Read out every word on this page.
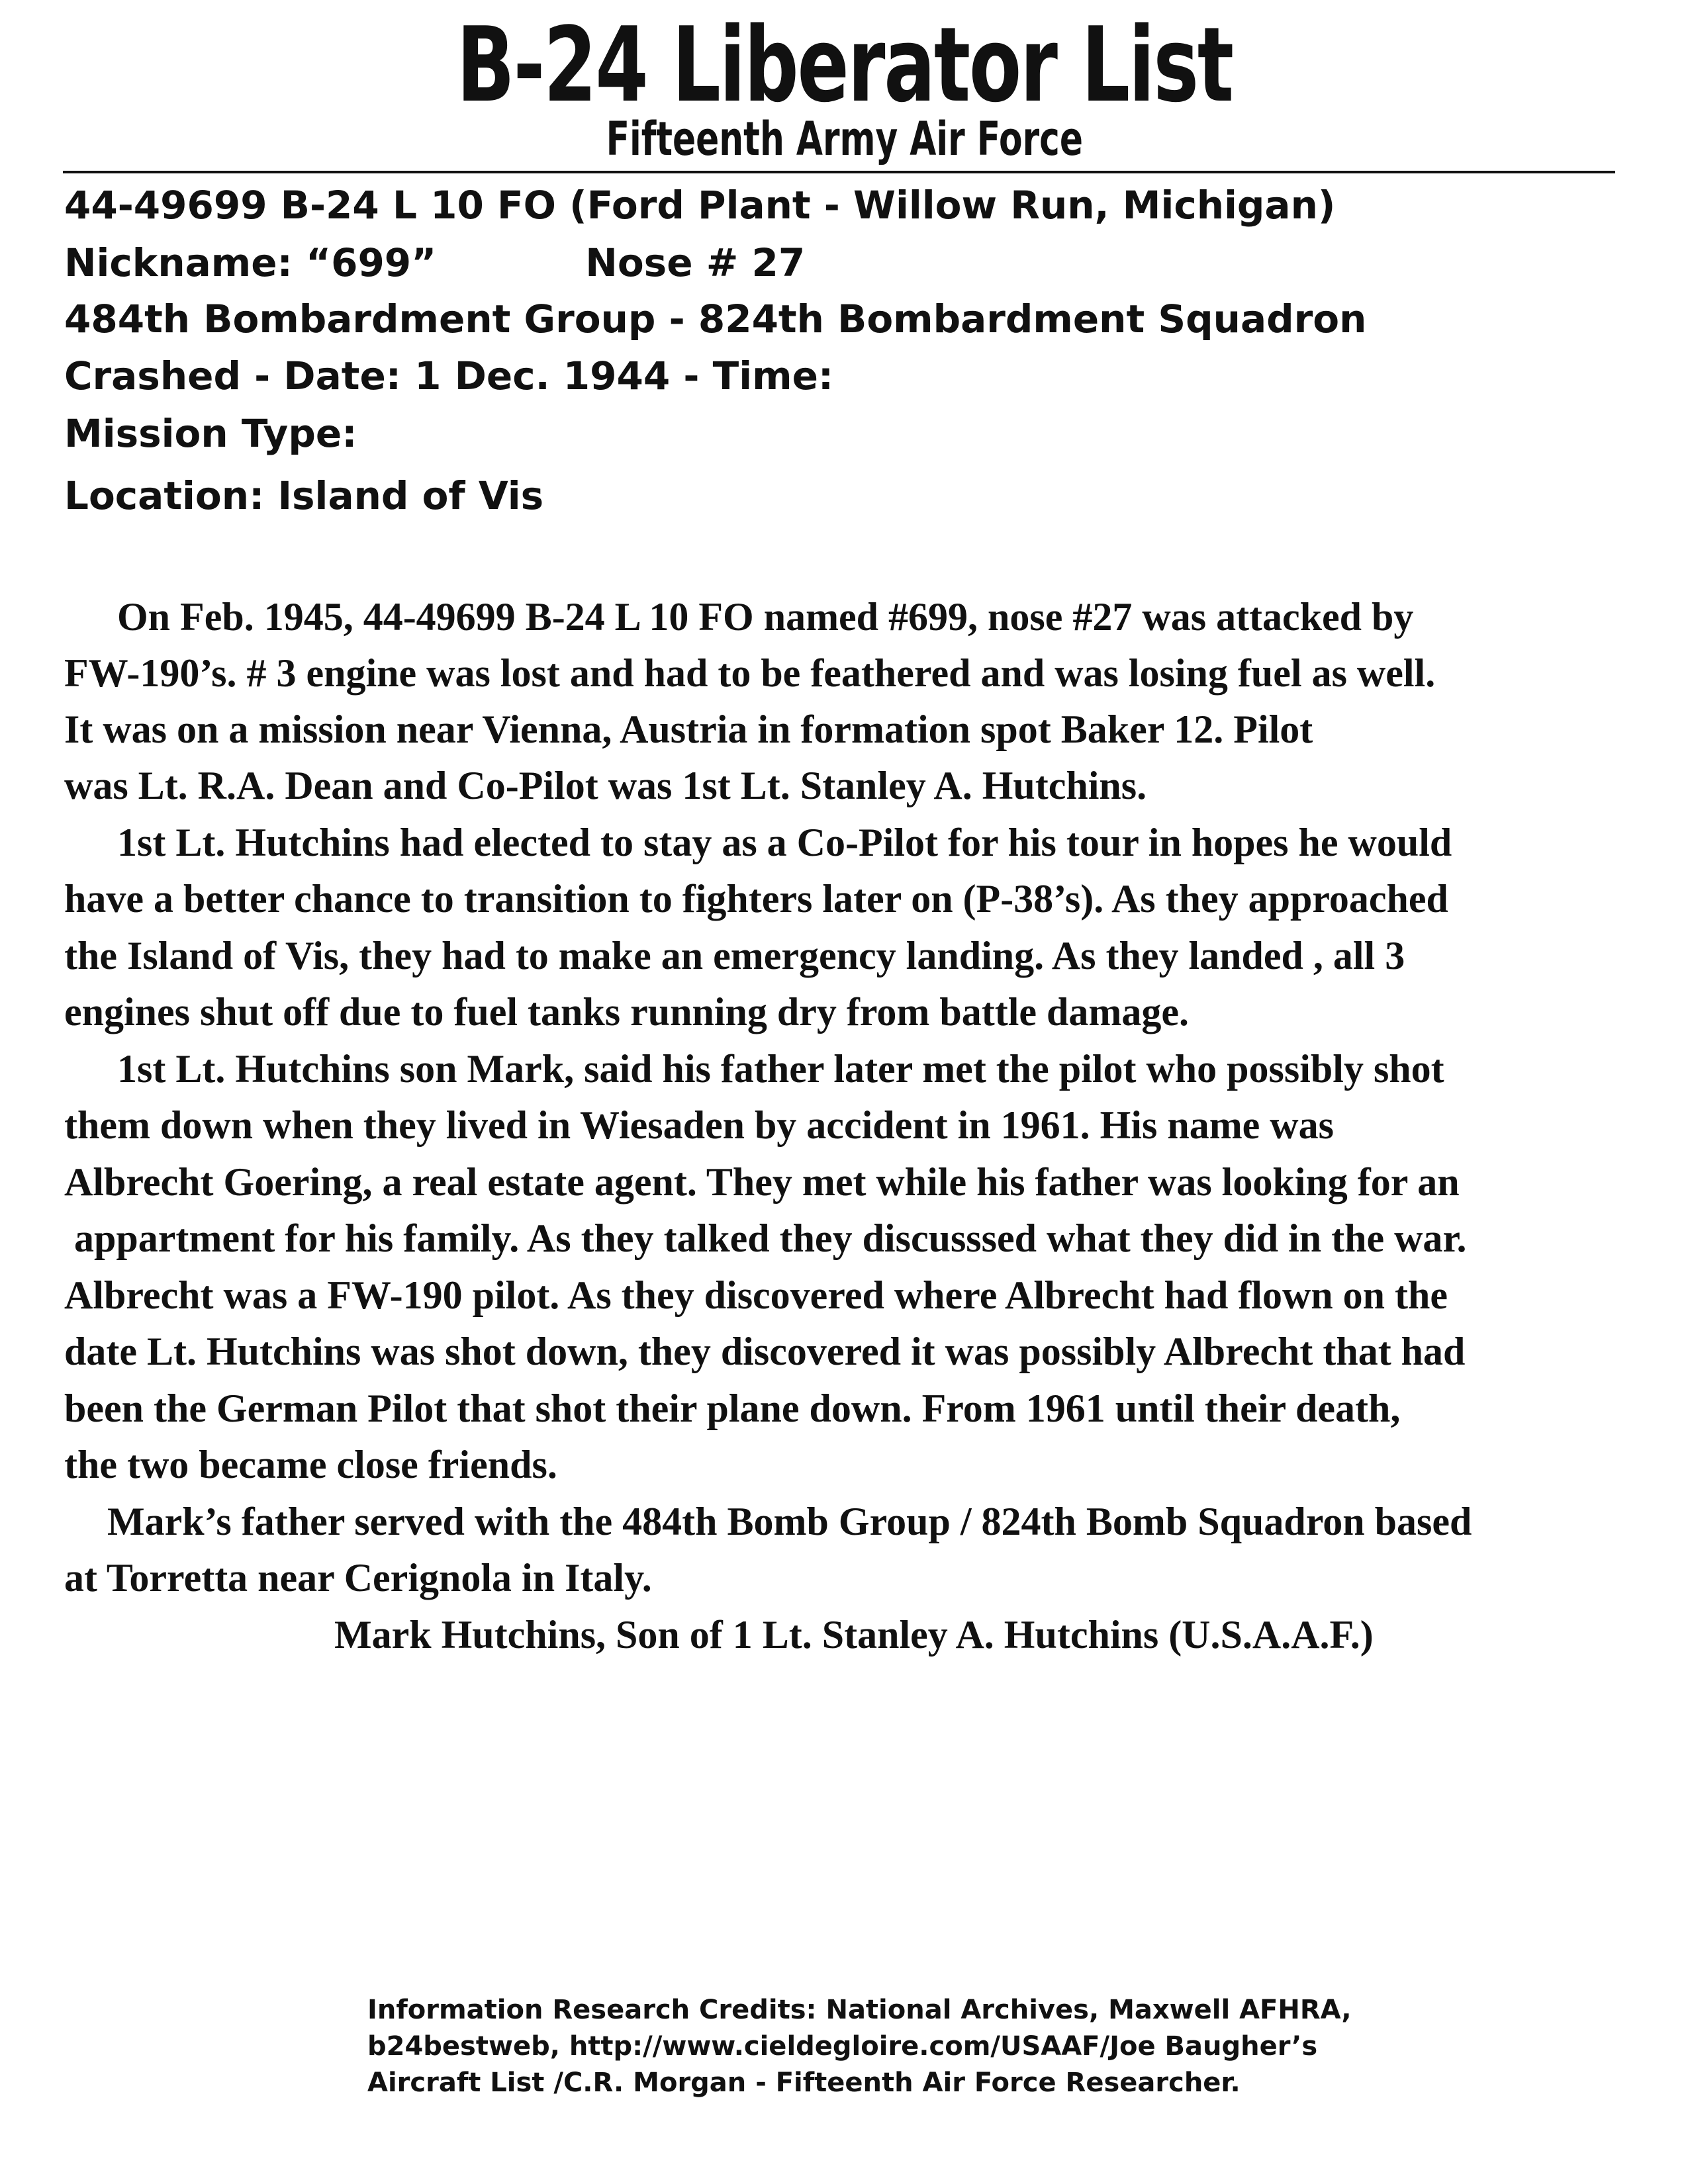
B-24 Liberator List
Fifteenth Army Air Force

44-49699 B-24 L 10 FO (Ford Plant - Willow Run, Michigan)

Nickname: “699”	Nose # 27

484th Bombardment Group - 824th Bombardment Squadron

Crashed - Date: 1 Dec. 1944 - Time:

Mission Type:

Location: Island of Vis

On Feb. 1945, 44-49699 B-24 L 10 FO named #699, nose #27 was attacked by

FW-190’s. # 3 engine was lost and had to be feathered and was losing fuel as well.

It was on a mission near Vienna, Austria in formation spot Baker 12. Pilot

was Lt. R.A. Dean and Co-Pilot was 1st Lt. Stanley A. Hutchins.

1st Lt. Hutchins had elected to stay as a Co-Pilot for his tour in hopes he would

have a better chance to transition to fighters later on (P-38’s). As they approached

the Island of Vis, they had to make an emergency landing. As they landed , all 3

engines shut off due to fuel tanks running dry from battle damage.

1st Lt. Hutchins son Mark, said his father later met the pilot who possibly shot

them down when they lived in Wiesaden by accident in 1961. His name was

Albrecht Goering, a real estate agent. They met while his father was looking for an

appartment for his family. As they talked they discusssed what they did in the war.

Albrecht was a FW-190 pilot. As they discovered where Albrecht had flown on the

date Lt. Hutchins was shot down, they discovered it was possibly Albrecht that had

been the German Pilot that shot their plane down. From 1961 until their death,

the two became close friends.

Mark’s father served with the 484th Bomb Group / 824th Bomb Squadron based

at Torretta near Cerignola in Italy.

Mark Hutchins, Son of 1 Lt. Stanley A. Hutchins (U.S.A.A.F.)

Information Research Credits: National Archives, Maxwell AFHRA,
b24bestweb, http://www.cieldegloire.com/USAAF/Joe Baugher’s
Aircraft List /C.R. Morgan - Fifteenth Air Force Researcher.
